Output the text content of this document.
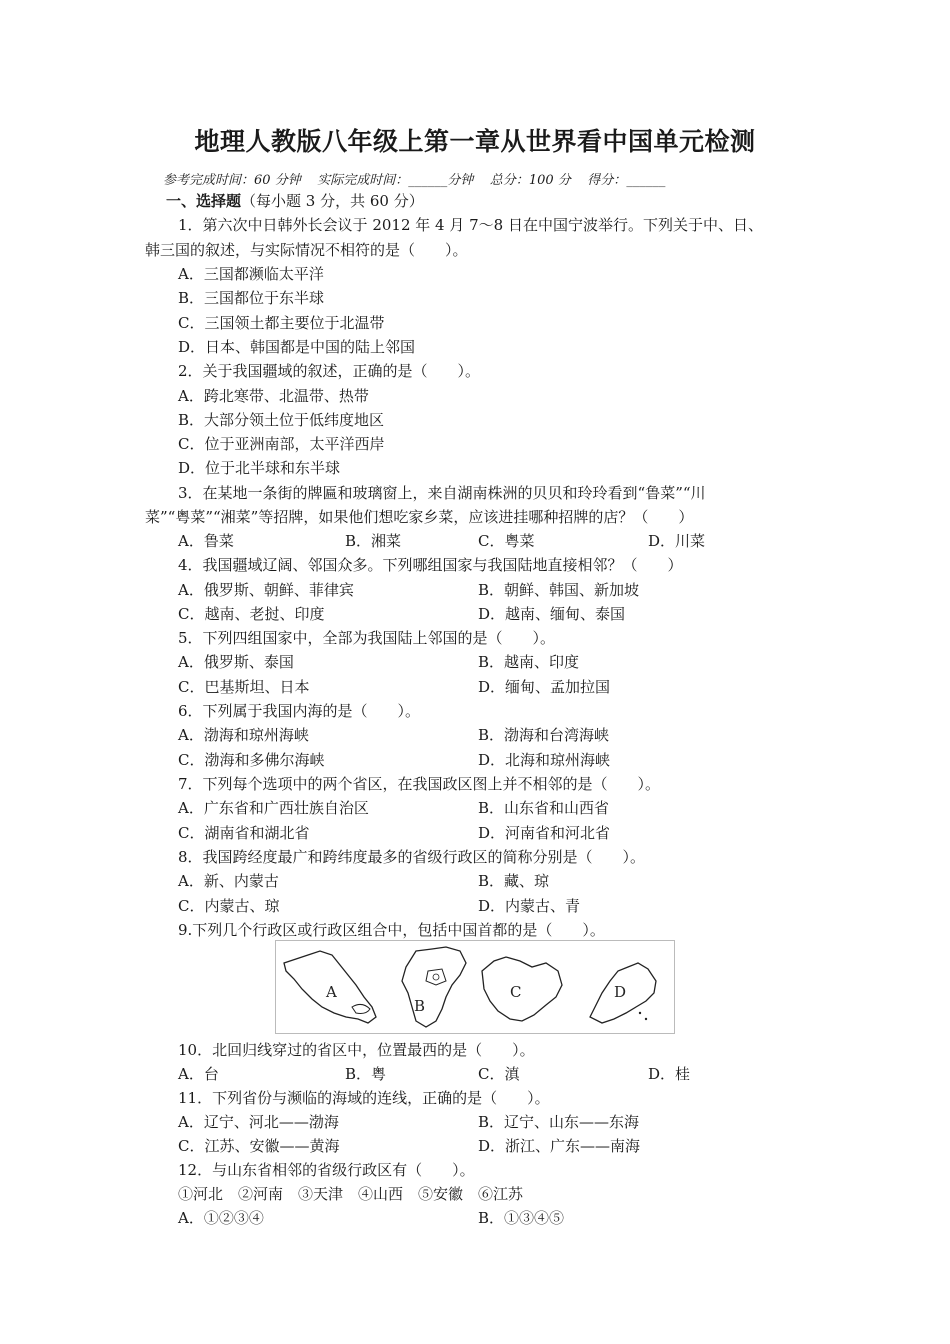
地理人教版八年级上第一章从世界看中国单元检测
参考完成时间：60 分钟 实际完成时间：______分钟 总分：100 分 得分：______
一、选择题（每小题 3 分，共 60 分）
1．第六次中日韩外长会议于 2012 年 4 月 7～8 日在中国宁波举行。下列关于中、日、
韩三国的叙述，与实际情况不相符的是（　　）。
A．三国都濒临太平洋
B．三国都位于东半球
C．三国领土都主要位于北温带
D．日本、韩国都是中国的陆上邻国
2．关于我国疆域的叙述，正确的是（　　）。
A．跨北寒带、北温带、热带
B．大部分领土位于低纬度地区
C．位于亚洲南部，太平洋西岸
D．位于北半球和东半球
3．在某地一条街的牌匾和玻璃窗上，来自湖南株洲的贝贝和玲玲看到“鲁菜”“川
菜”“粤菜”“湘菜”等招牌，如果他们想吃家乡菜，应该进挂哪种招牌的店？（　　）
A．鲁菜	B．湘菜	C．粤菜	D．川菜
4．我国疆域辽阔、邻国众多。下列哪组国家与我国陆地直接相邻？（　　）
A．俄罗斯、朝鲜、菲律宾	B．朝鲜、韩国、新加坡
C．越南、老挝、印度	D．越南、缅甸、泰国
5．下列四组国家中，全部为我国陆上邻国的是（　　）。
A．俄罗斯、泰国	B．越南、印度
C．巴基斯坦、日本	D．缅甸、孟加拉国
6．下列属于我国内海的是（　　）。
A．渤海和琼州海峡	B．渤海和台湾海峡
C．渤海和多佛尔海峡	D．北海和琼州海峡
7．下列每个选项中的两个省区，在我国政区图上并不相邻的是（　　）。
A．广东省和广西壮族自治区	B．山东省和山西省
C．湖南省和湖北省	D．河南省和河北省
8．我国跨经度最广和跨纬度最多的省级行政区的简称分别是（　　）。
A．新、内蒙古	B．藏、琼
C．内蒙古、琼	D．内蒙古、青
9.下列几个行政区或行政区组合中，包括中国首都的是（　　）。
A
B
C	D
10．北回归线穿过的省区中，位置最西的是（　　）。
A．台	B．粤	C．滇	D．桂
11．下列省份与濒临的海域的连线，正确的是（　　）。
A．辽宁、河北——渤海	B．辽宁、山东——东海
C．江苏、安徽——黄海	D．浙江、广东——南海
12．与山东省相邻的省级行政区有（　　）。
①河北　②河南　③天津　④山西　⑤安徽　⑥江苏
A．①②③④	B．①③④⑤
